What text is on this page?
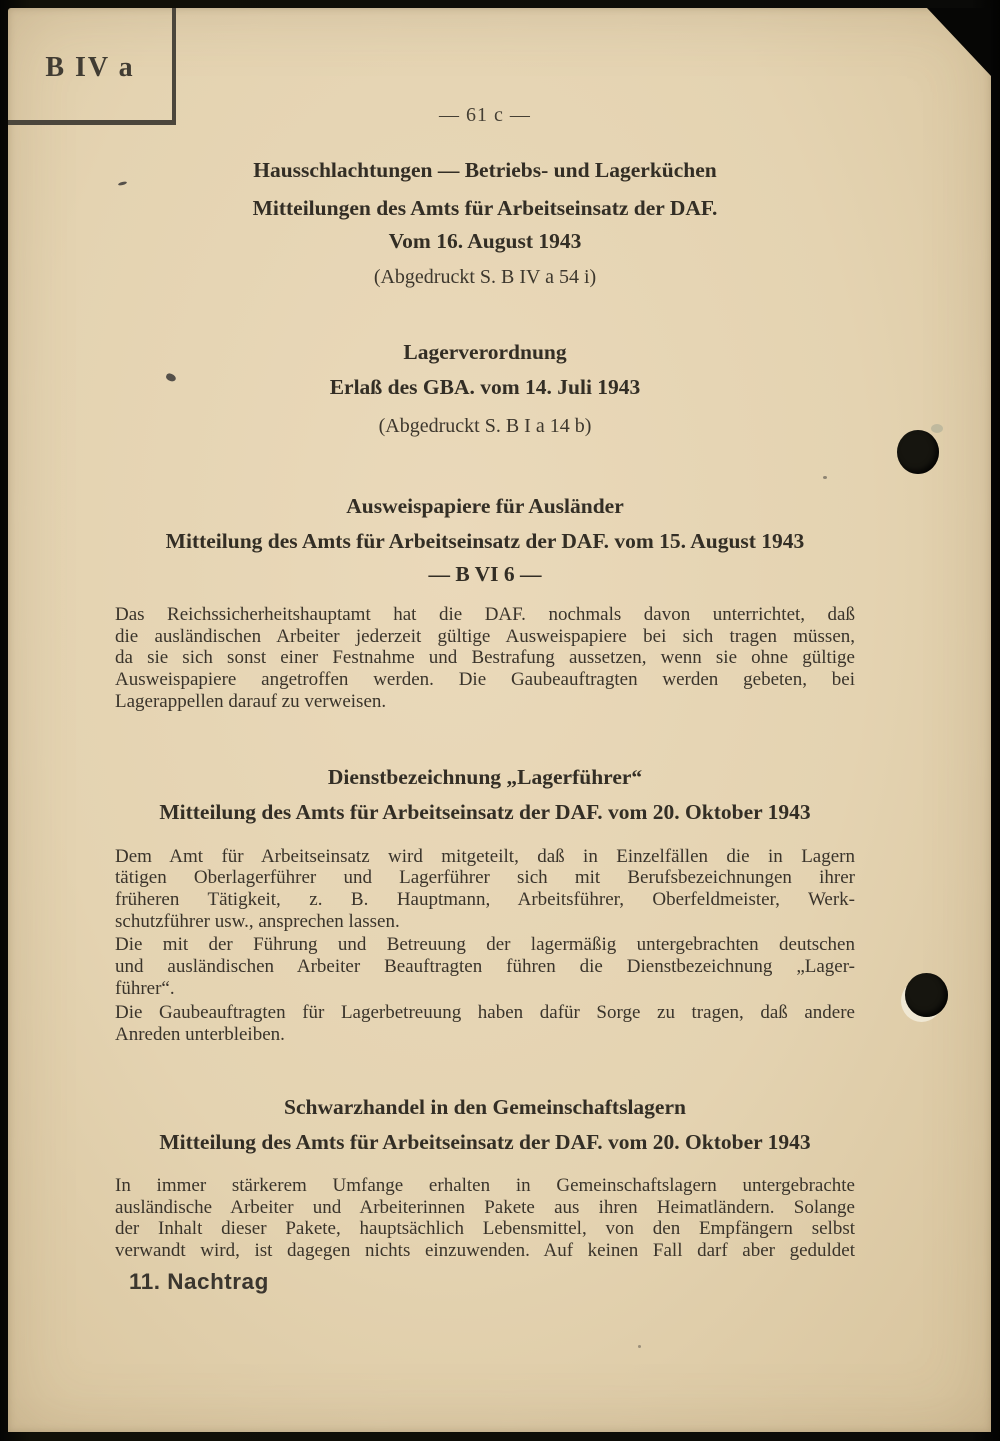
B IV a
— 61 c —
Hausschlachtungen — Betriebs- und Lagerküchen
Mitteilungen des Amts für Arbeitseinsatz der DAF.
Vom 16. August 1943
(Abgedruckt S. B IV a 54 i)
Lagerverordnung
Erlaß des GBA. vom 14. Juli 1943
(Abgedruckt S. B I a 14 b)
Ausweispapiere für Ausländer
Mitteilung des Amts für Arbeitseinsatz der DAF. vom 15. August 1943
— B VI 6 —
Das Reichssicherheitshauptamt hat die DAF. nochmals davon unterrichtet, daß
die ausländischen Arbeiter jederzeit gültige Ausweispapiere bei sich tragen müssen,
da sie sich sonst einer Festnahme und Bestrafung aussetzen, wenn sie ohne gültige
Ausweispapiere angetroffen werden. Die Gaubeauftragten werden gebeten, bei
Lagerappellen darauf zu verweisen.
Dienstbezeichnung „Lagerführer“
Mitteilung des Amts für Arbeitseinsatz der DAF. vom 20. Oktober 1943
Dem Amt für Arbeitseinsatz wird mitgeteilt, daß in Einzelfällen die in Lagern
tätigen Oberlagerführer und Lagerführer sich mit Berufsbezeichnungen ihrer
früheren Tätigkeit, z. B. Hauptmann, Arbeitsführer, Oberfeldmeister, Werk-
schutzführer usw., ansprechen lassen.
Die mit der Führung und Betreuung der lagermäßig untergebrachten deutschen
und ausländischen Arbeiter Beauftragten führen die Dienstbezeichnung „Lager-
führer“.
Die Gaubeauftragten für Lagerbetreuung haben dafür Sorge zu tragen, daß andere
Anreden unterbleiben.
Schwarzhandel in den Gemeinschaftslagern
Mitteilung des Amts für Arbeitseinsatz der DAF. vom 20. Oktober 1943
In immer stärkerem Umfange erhalten in Gemeinschaftslagern untergebrachte
ausländische Arbeiter und Arbeiterinnen Pakete aus ihren Heimatländern. Solange
der Inhalt dieser Pakete, hauptsächlich Lebensmittel, von den Empfängern selbst
verwandt wird, ist dagegen nichts einzuwenden. Auf keinen Fall darf aber geduldet
11. Nachtrag
